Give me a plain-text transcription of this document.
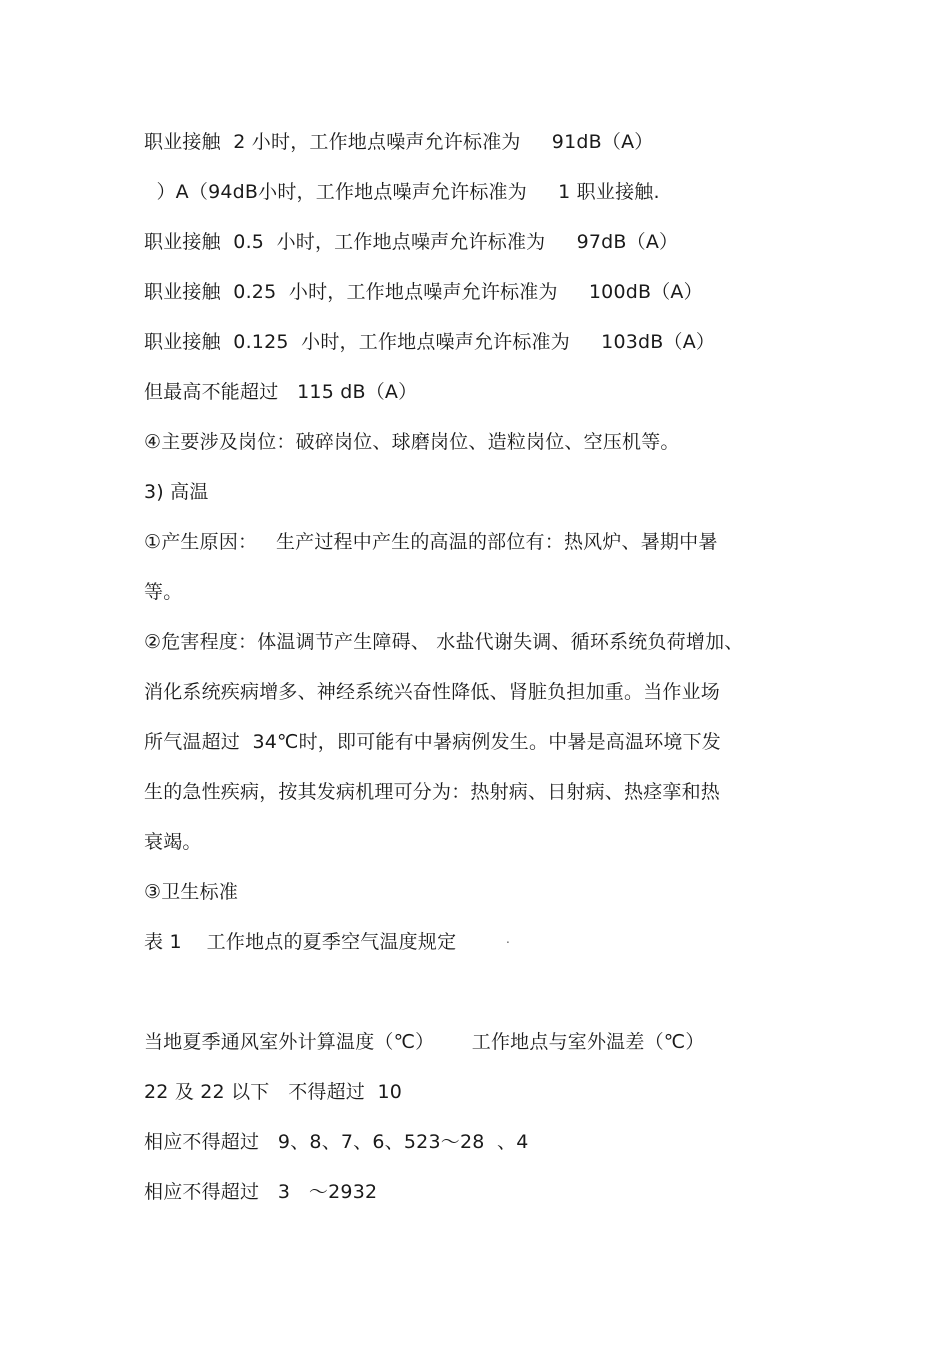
职业接触  2 小时，工作地点噪声允许标准为     91dB（A）
）A（94dB小时，工作地点噪声允许标准为     1 职业接触.
职业接触  0.5  小时，工作地点噪声允许标准为     97dB（A）
职业接触  0.25  小时，工作地点噪声允许标准为     100dB（A）
职业接触  0.125  小时，工作地点噪声允许标准为     103dB（A）
但最高不能超过   115 dB（A）
④主要涉及岗位：破碎岗位、球磨岗位、造粒岗位、空压机等。
3) 高温
①产生原因：   生产过程中产生的高温的部位有：热风炉、暑期中暑
等。
②危害程度：体温调节产生障碍、 水盐代谢失调、循环系统负荷增加、
消化系统疾病增多、神经系统兴奋性降低、肾脏负担加重。当作业场
所气温超过  34℃时，即可能有中暑病例发生。中暑是高温环境下发
生的急性疾病，按其发病机理可分为：热射病、日射病、热痉挛和热
衰竭。
③卫生标准
表 1    工作地点的夏季空气温度规定	.
当地夏季通风室外计算温度（℃）      工作地点与室外温差（℃）
22 及 22 以下   不得超过  10
相应不得超过   9、8、7、6、523～28  、4
相应不得超过   3   ～2932
